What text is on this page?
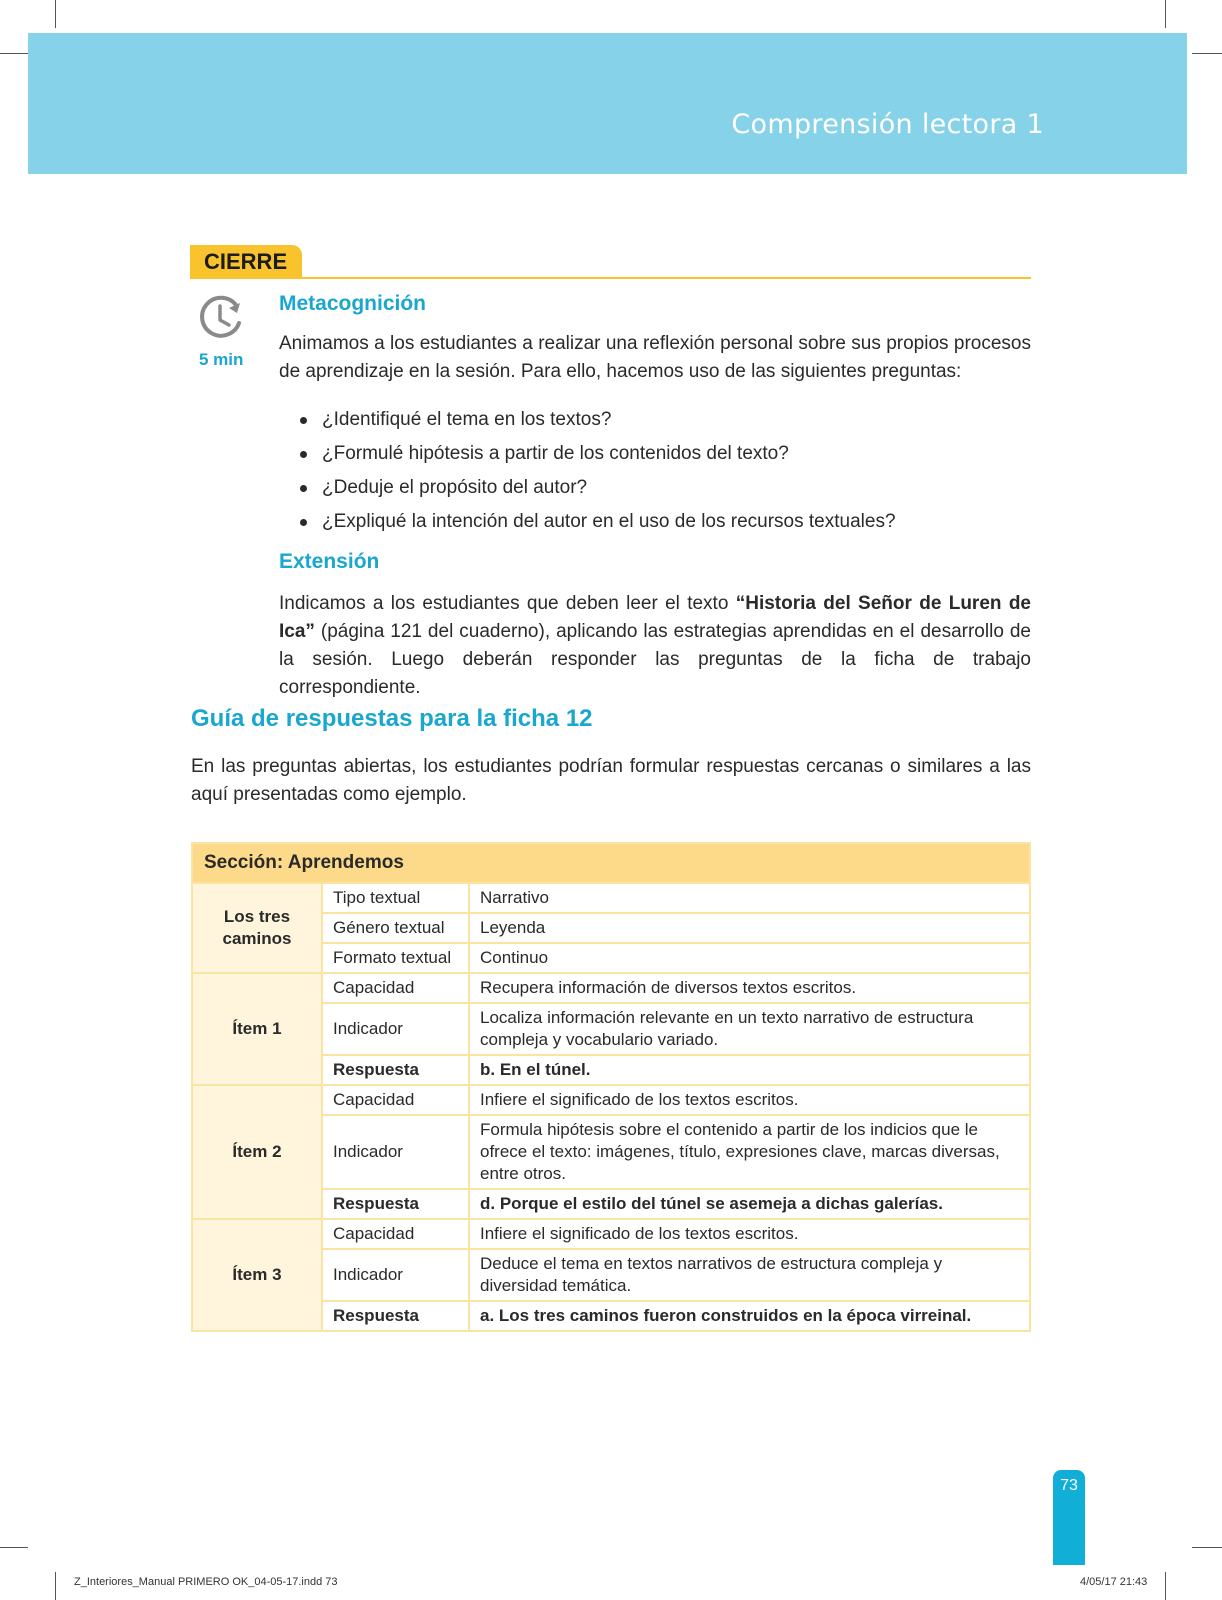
Comprensión lectora 1
CIERRE
5 min
Metacognición
Animamos a los estudiantes a realizar una reflexión personal sobre sus propios procesos de aprendizaje en la sesión. Para ello, hacemos uso de las siguientes preguntas:
¿Identifiqué el tema en los textos?
¿Formulé hipótesis a partir de los contenidos del texto?
¿Deduje el propósito del autor?
¿Expliqué la intención del autor en el uso de los recursos textuales?
Extensión
Indicamos a los estudiantes que deben leer el texto “Historia del Señor de Luren de Ica” (página 121 del cuaderno), aplicando las estrategias aprendidas en el desarrollo de la sesión. Luego deberán responder las preguntas de la ficha de trabajo correspondiente.
Guía de respuestas para la ficha 12
En las preguntas abiertas, los estudiantes podrían formular respuestas cercanas o similares a las aquí presentadas como ejemplo.
Sección: Aprendemos		
Los tres caminos	Tipo textual	Narrativo
	Género textual	Leyenda
	Formato textual	Continuo
Ítem 1	Capacidad	Recupera información de diversos textos escritos.
	Indicador	Localiza información relevante en un texto narrativo de estructura compleja y vocabulario variado.
	Respuesta	b. En el túnel.
Ítem 2	Capacidad	Infiere el significado de los textos escritos.
	Indicador	Formula hipótesis sobre el contenido a partir de los indicios que le ofrece el texto: imágenes, título, expresiones clave, marcas diversas, entre otros.
	Respuesta	d. Porque el estilo del túnel se asemeja a dichas galerías.
Ítem 3	Capacidad	Infiere el significado de los textos escritos.
	Indicador	Deduce el tema en textos narrativos de estructura compleja y diversidad temática.
	Respuesta	a. Los tres caminos fueron construidos en la época virreinal.
73
Z_Interiores_Manual PRIMERO OK_04-05-17.indd 73	4/05/17 21:43
